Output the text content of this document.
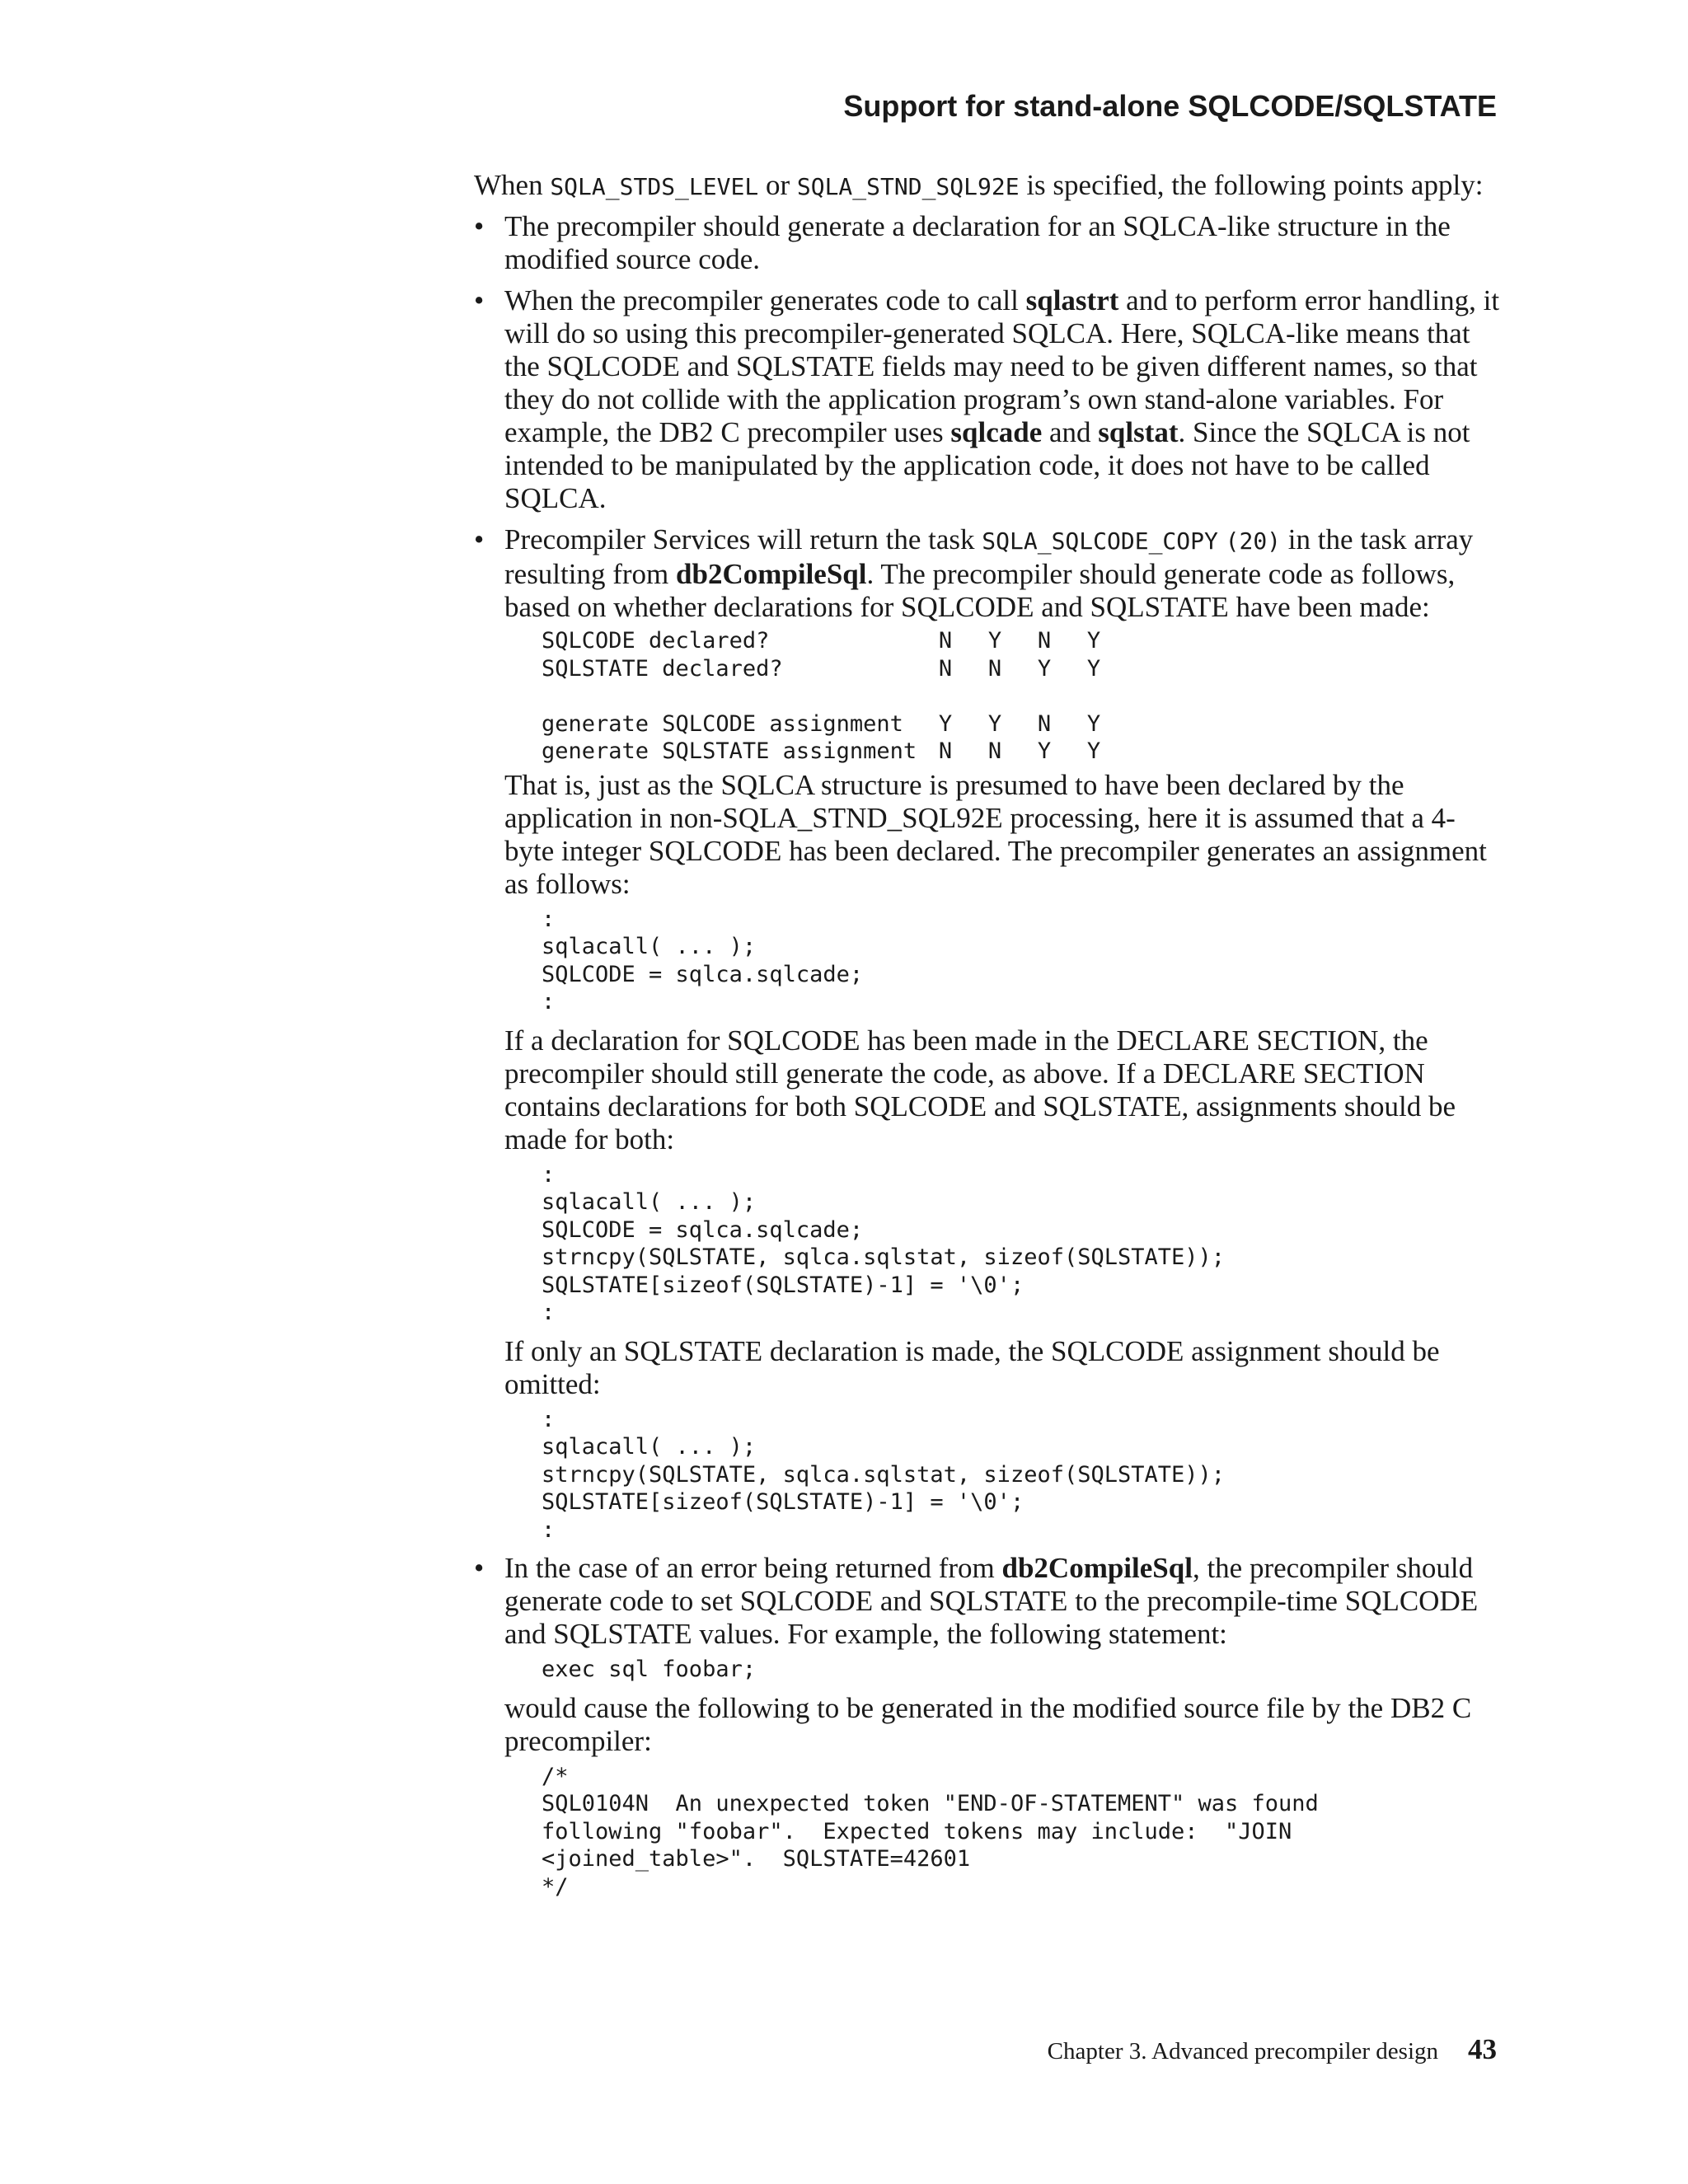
Support for stand-alone SQLCODE/SQLSTATE

When SQLA_STDS_LEVEL or SQLA_STND_SQL92E is specified, the following points apply:

• The precompiler should generate a declaration for an SQLCA-like structure in the modified source code.

• When the precompiler generates code to call sqlastrt and to perform error handling, it will do so using this precompiler-generated SQLCA. Here, SQLCA-like means that the SQLCODE and SQLSTATE fields may need to be given different names, so that they do not collide with the application program’s own stand-alone variables. For example, the DB2 C precompiler uses sqlcade and sqlstat. Since the SQLCA is not intended to be manipulated by the application code, it does not have to be called SQLCA.

• Precompiler Services will return the task SQLA_SQLCODE_COPY (20) in the task array resulting from db2CompileSql. The precompiler should generate code as follows, based on whether declarations for SQLCODE and SQLSTATE have been made:

SQLCODE declared?	N	Y	N	Y
SQLSTATE declared?	N	N	Y	Y

generate SQLCODE assignment	Y	Y	N	Y
generate SQLSTATE assignment	N	N	Y	Y

That is, just as the SQLCA structure is presumed to have been declared by the application in non-SQLA_STND_SQL92E processing, here it is assumed that a 4-byte integer SQLCODE has been declared. The precompiler generates an assignment as follows:

:
sqlacall( ... );
SQLCODE = sqlca.sqlcade;
:

If a declaration for SQLCODE has been made in the DECLARE SECTION, the precompiler should still generate the code, as above. If a DECLARE SECTION contains declarations for both SQLCODE and SQLSTATE, assignments should be made for both:

:
sqlacall( ... );
SQLCODE = sqlca.sqlcade;
strncpy(SQLSTATE, sqlca.sqlstat, sizeof(SQLSTATE));
SQLSTATE[sizeof(SQLSTATE)-1] = '\0';
:

If only an SQLSTATE declaration is made, the SQLCODE assignment should be omitted:

:
sqlacall( ... );
strncpy(SQLSTATE, sqlca.sqlstat, sizeof(SQLSTATE));
SQLSTATE[sizeof(SQLSTATE)-1] = '\0';
:
• In the case of an error being returned from db2CompileSql, the precompiler should generate code to set SQLCODE and SQLSTATE to the precompile-time SQLCODE and SQLSTATE values. For example, the following statement:

exec sql foobar;

would cause the following to be generated in the modified source file by the DB2 C precompiler:

/*
SQL0104N  An unexpected token "END-OF-STATEMENT" was found
following "foobar".  Expected tokens may include:  "JOIN
<joined_table>".  SQLSTATE=42601
*/
Chapter 3. Advanced precompiler design 43
